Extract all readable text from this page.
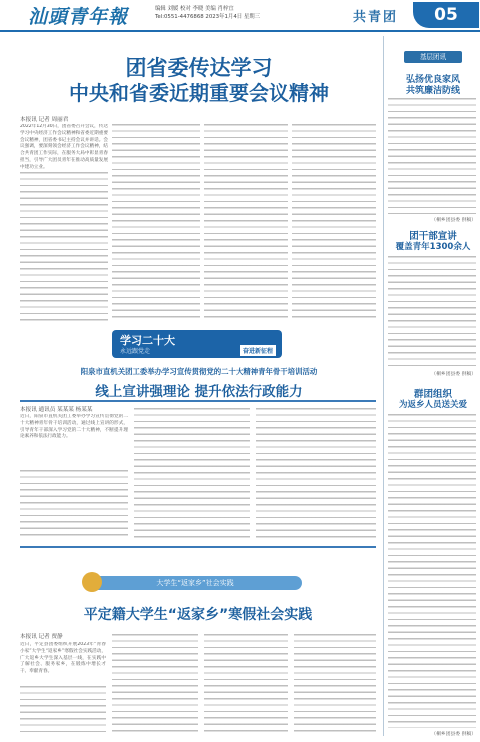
汕頭青年報	编辑 刘媛 校对 李晓 美编 肖梓宜
Tel:0551-4476868 2023年1月4日 星期三	共青团	05
团省委传达学习
中央和省委近期重要会议精神
本报讯 记者 周丽君
2022年12月30日，团省委召开会议，传达学习中央经济工作会议精神和省委近期重要会议精神，团省委书记主持会议并讲话。会议强调，要深刻领会经济工作会议精神，结合共青团工作实际，在服务大局中彰显青春担当，引导广大团员青年在推动高质量发展中建功立业。
学习二十大
永远跟党走	奋进新征程
阳泉市直机关团工委举办学习宣传贯彻党的二十大精神青年骨干培训活动
线上宣讲强理论 提升依法行政能力
本报讯 通讯员 某某某 杨某某
近日，阳泉市直机关团工委举办学习宣传贯彻党的二十大精神青年骨干培训活动，通过线上宣讲的形式，引导青年干部深入学习党的二十大精神，不断提升理论素养和依法行政能力。
大学生“返家乡”社会实践
平定籍大学生“返家乡”寒假社会实践
本报讯 记者 贾静
近日，平定县团委组织开展2023年“青春小家”大学生“返家乡”寒假社会实践活动，广大返乡大学生深入基层一线，在实践中了解社会、服务家乡，在锻炼中增长才干、奉献青春。
基层团讯
弘扬优良家风
共筑廉洁防线
（桐乡团县委 供稿）
团干部宣讲
覆盖青年1300余人
（桐乡团县委 供稿）
群团组织
为返乡人员送关爱
（桐乡团县委 供稿）
